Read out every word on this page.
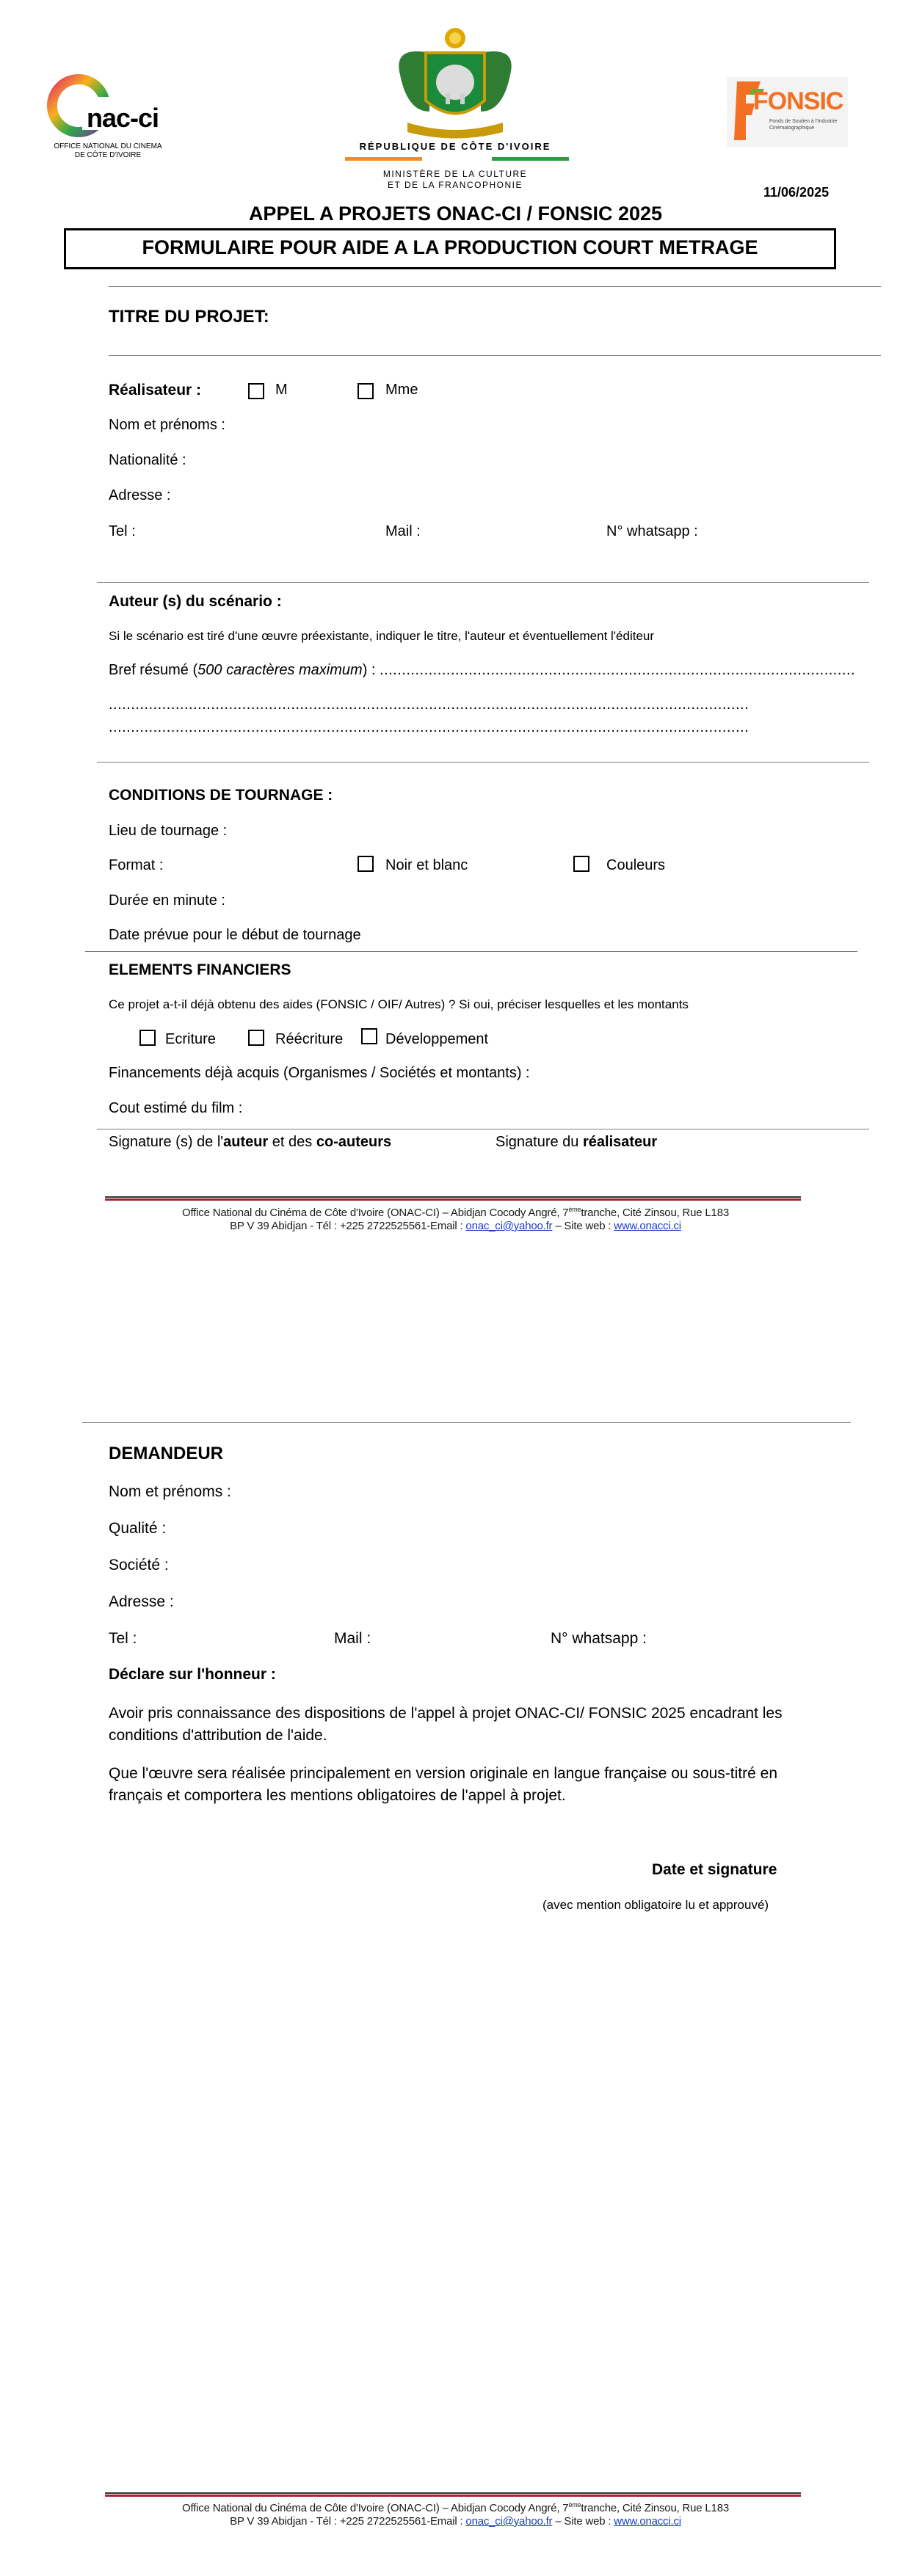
nac-ci
OFFICE NATIONAL DU CINEMA
DE CÔTE D'IVOIRE
RÉPUBLIQUE DE CÔTE D'IVOIRE
MINISTÈRE DE LA CULTURE
ET DE LA FRANCOPHONIE
FONSIC
Fonds de Soutien à l'Industrie
Cinématographique
11/06/2025
APPEL A PROJETS ONAC-CI / FONSIC 2025
FORMULAIRE POUR AIDE A LA PRODUCTION COURT METRAGE
TITRE DU PROJET:
Réalisateur :	M	Mme
Nom et prénoms :
Nationalité :
Adresse :
Tel :	Mail :	N° whatsapp :
Auteur (s) du scénario :
Si le scénario est tiré d'une œuvre préexistante, indiquer le titre, l'auteur et éventuellement l'éditeur
Bref résumé (500 caractères maximum) : ...........................................................................................................
................................................................................................................................................
................................................................................................................................................
CONDITIONS DE TOURNAGE :
Lieu de tournage :
Format :	Noir et blanc	Couleurs
Durée en minute :
Date prévue pour le début de tournage
ELEMENTS FINANCIERS
Ce projet a-t-il déjà obtenu des aides (FONSIC / OIF/ Autres) ? Si oui, préciser lesquelles et les montants
Ecriture	Réécriture	Développement
Financements déjà acquis (Organismes / Sociétés et montants) :
Cout estimé du film :
Signature (s) de l'auteur et des co-auteurs	Signature du réalisateur
Office National du Cinéma de Côte d'Ivoire (ONAC-CI) – Abidjan Cocody Angré, 7èmetranche, Cité Zinsou, Rue L183
BP V 39 Abidjan - Tél : +225 2722525561-Email : onac_ci@yahoo.fr – Site web : www.onacci.ci
DEMANDEUR
Nom et prénoms :
Qualité :
Société :
Adresse :
Tel :	Mail :	N° whatsapp :
Déclare sur l'honneur :
Avoir pris connaissance des dispositions de l'appel à projet ONAC-CI/ FONSIC 2025 encadrant les conditions d'attribution de l'aide.
Que l'œuvre sera réalisée principalement en version originale en langue française ou sous-titré en français et comportera les mentions obligatoires de l'appel à projet.
Date et signature
(avec mention obligatoire lu et approuvé)
Office National du Cinéma de Côte d'Ivoire (ONAC-CI) – Abidjan Cocody Angré, 7èmetranche, Cité Zinsou, Rue L183
BP V 39 Abidjan - Tél : +225 2722525561-Email : onac_ci@yahoo.fr – Site web : www.onacci.ci
